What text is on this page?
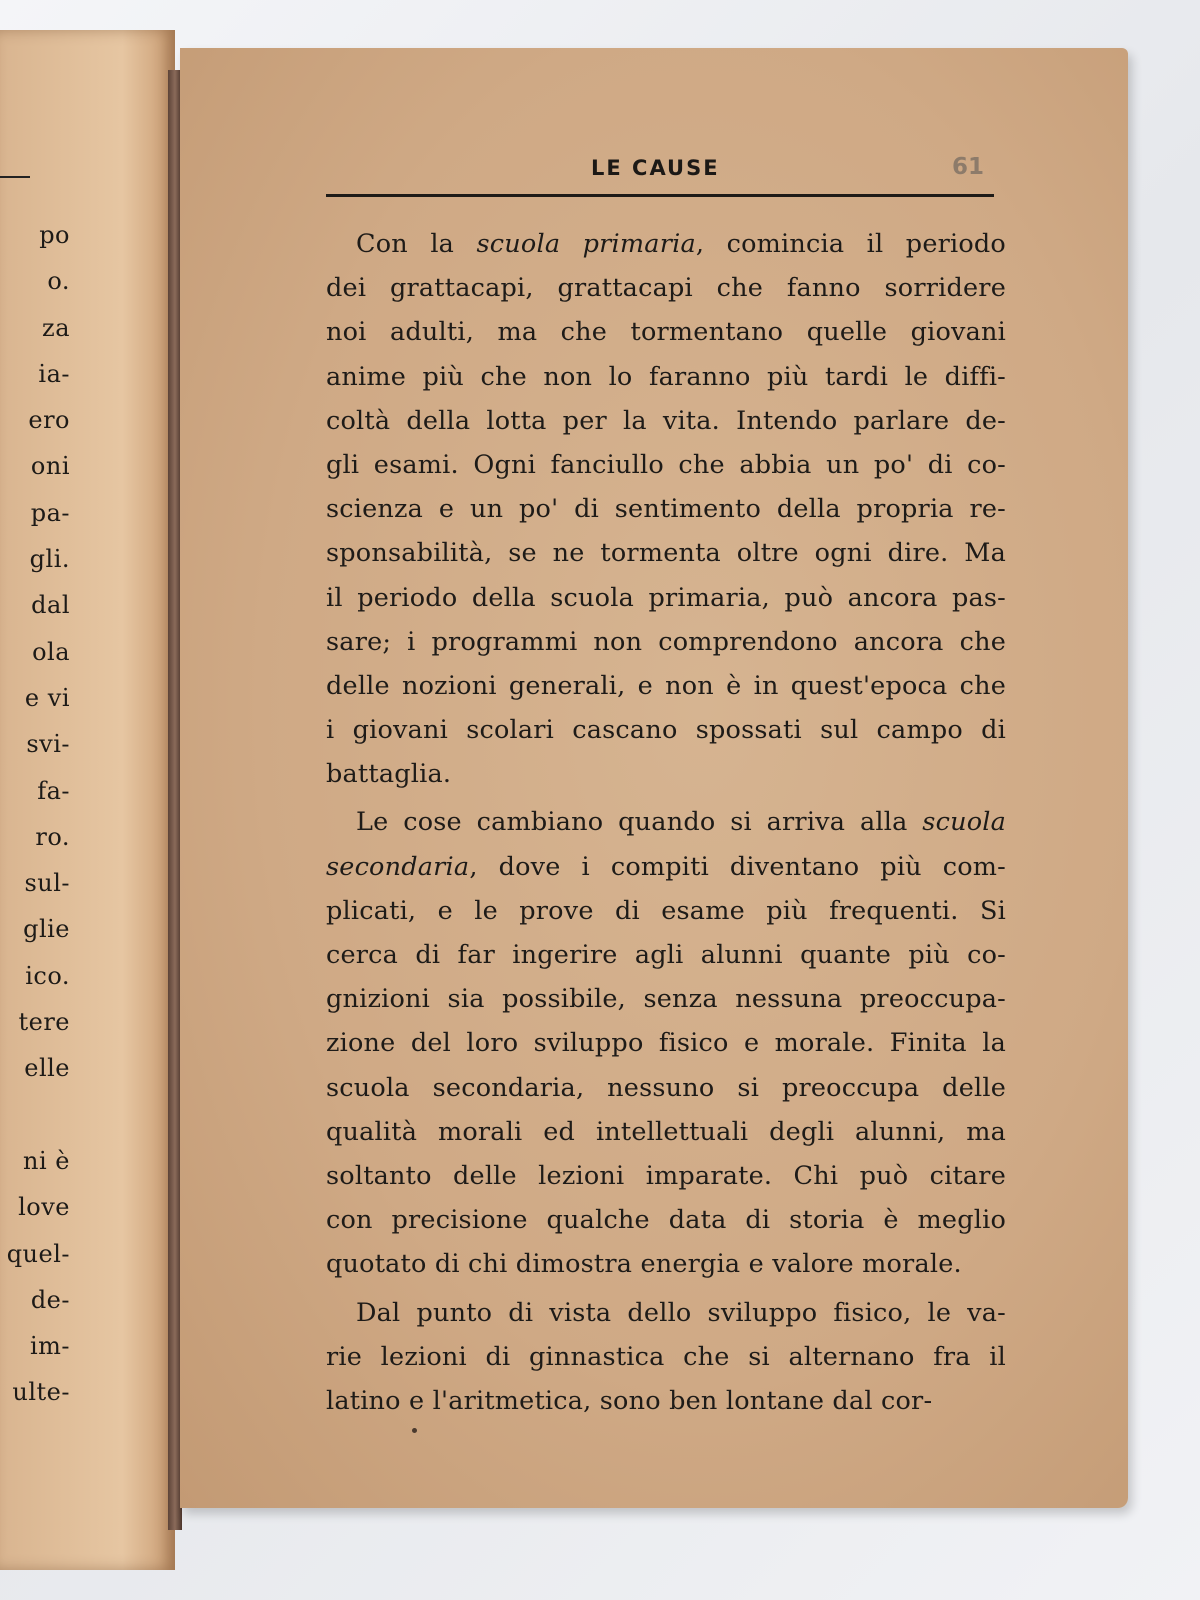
po
o.
za
ia-
ero
oni
pa-
gli.
dal
ola
e vi
svi-
fa-
ro.
sul-
glie
ico.
tere
elle
ni è
love
quel-
de-
im-
ulte-
LE CAUSE	61
Con la scuola primaria, comincia il periodo
dei grattacapi, grattacapi che fanno sorridere
noi adulti, ma che tormentano quelle giovani
anime più che non lo faranno più tardi le diffi-
coltà della lotta per la vita. Intendo parlare de-
gli esami. Ogni fanciullo che abbia un po' di co-
scienza e un po' di sentimento della propria re-
sponsabilità, se ne tormenta oltre ogni dire. Ma
il periodo della scuola primaria, può ancora pas-
sare; i programmi non comprendono ancora che
delle nozioni generali, e non è in quest'epoca che
i giovani scolari cascano spossati sul campo di
battaglia.
Le cose cambiano quando si arriva alla scuola
secondaria, dove i compiti diventano più com-
plicati, e le prove di esame più frequenti. Si
cerca di far ingerire agli alunni quante più co-
gnizioni sia possibile, senza nessuna preoccupa-
zione del loro sviluppo fisico e morale. Finita la
scuola secondaria, nessuno si preoccupa delle
qualità morali ed intellettuali degli alunni, ma
soltanto delle lezioni imparate. Chi può citare
con precisione qualche data di storia è meglio
quotato di chi dimostra energia e valore morale.
Dal punto di vista dello sviluppo fisico, le va-
rie lezioni di ginnastica che si alternano fra il
latino e l'aritmetica, sono ben lontane dal cor-
